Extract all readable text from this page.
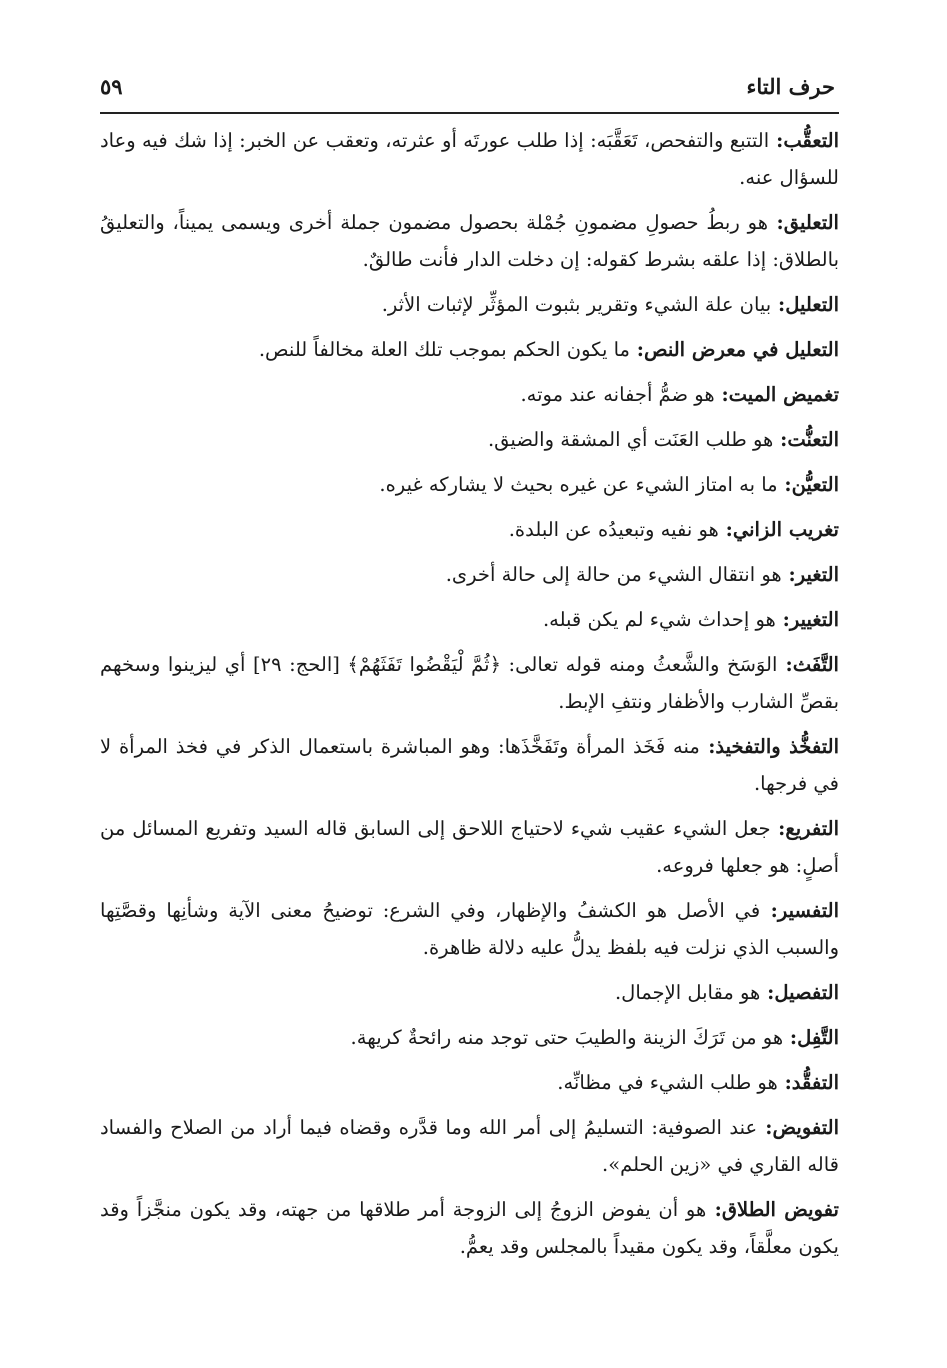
حرف التاء
٥٩

التعقُّب: التتبع والتفحص، تَعَقَّبَه: إذا طلب عورتَه أو عثرته، وتعقب عن الخبر: إذا شك فيه وعاد للسؤال عنه.

التعليق: هو ربطُ حصولِ مضمونِ جُمْلة بحصول مضمون جملة أخرى ويسمى يميناً، والتعليقُ بالطلاق: إذا علقه بشرط كقوله: إن دخلت الدار فأنت طالقٌ.

التعليل: بيان علة الشيء وتقرير بثبوت المؤثِّر لإثبات الأثر.

التعليل في معرض النص: ما يكون الحكم بموجب تلك العلة مخالفاً للنص.

تغميض الميت: هو ضمُّ أجفانه عند موته.

التعنُّت: هو طلب العَنَت أي المشقة والضيق.

التعيُّن: ما به امتاز الشيء عن غيره بحيث لا يشاركه غيره.

تغريب الزاني: هو نفيه وتبعيدُه عن البلدة.

التغير: هو انتقال الشيء من حالة إلى حالة أخرى.

التغيير: هو إحداث شيء لم يكن قبله.

التَّفَث: الوَسَخ والشَّعثُ ومنه قوله تعالى: ﴿ثُمَّ لْيَقْضُوا تَفَثَهُمْ﴾ [الحج: ٢٩] أي ليزينوا وسخهم بقصِّ الشارب والأظفار ونتفِ الإبط.

التفخُّذ والتفخيذ: منه فَخَذ المرأة وتَفَخَّذَها: وهو المباشرة باستعمال الذكر في فخذ المرأة لا في فرجها.

التفريع: جعل الشيء عقيب شيء لاحتياج اللاحق إلى السابق قاله السيد وتفريع المسائل من أصلٍ: هو جعلها فروعه.

التفسير: في الأصل هو الكشفُ والإظهار، وفي الشرع: توضيحُ معنى الآية وشأنِها وقصَّتِها والسبب الذي نزلت فيه بلفظ يدلُّ عليه دلالة ظاهرة.

التفصيل: هو مقابل الإجمال.

التَّفِل: هو من تَرَكَ الزينة والطيبَ حتى توجد منه رائحةٌ كريهة.

التفقُّد: هو طلب الشيء في مظانِّه.

التفويض: عند الصوفية: التسليمُ إلى أمر الله وما قدَّره وقضاه فيما أراد من الصلاح والفساد قاله القاري في «زين الحلم».

تفويض الطلاق: هو أن يفوض الزوجُ إلى الزوجة أمر طلاقها من جهته، وقد يكون منجَّزاً وقد يكون معلَّقاً، وقد يكون مقيداً بالمجلس وقد يعمُّ.
